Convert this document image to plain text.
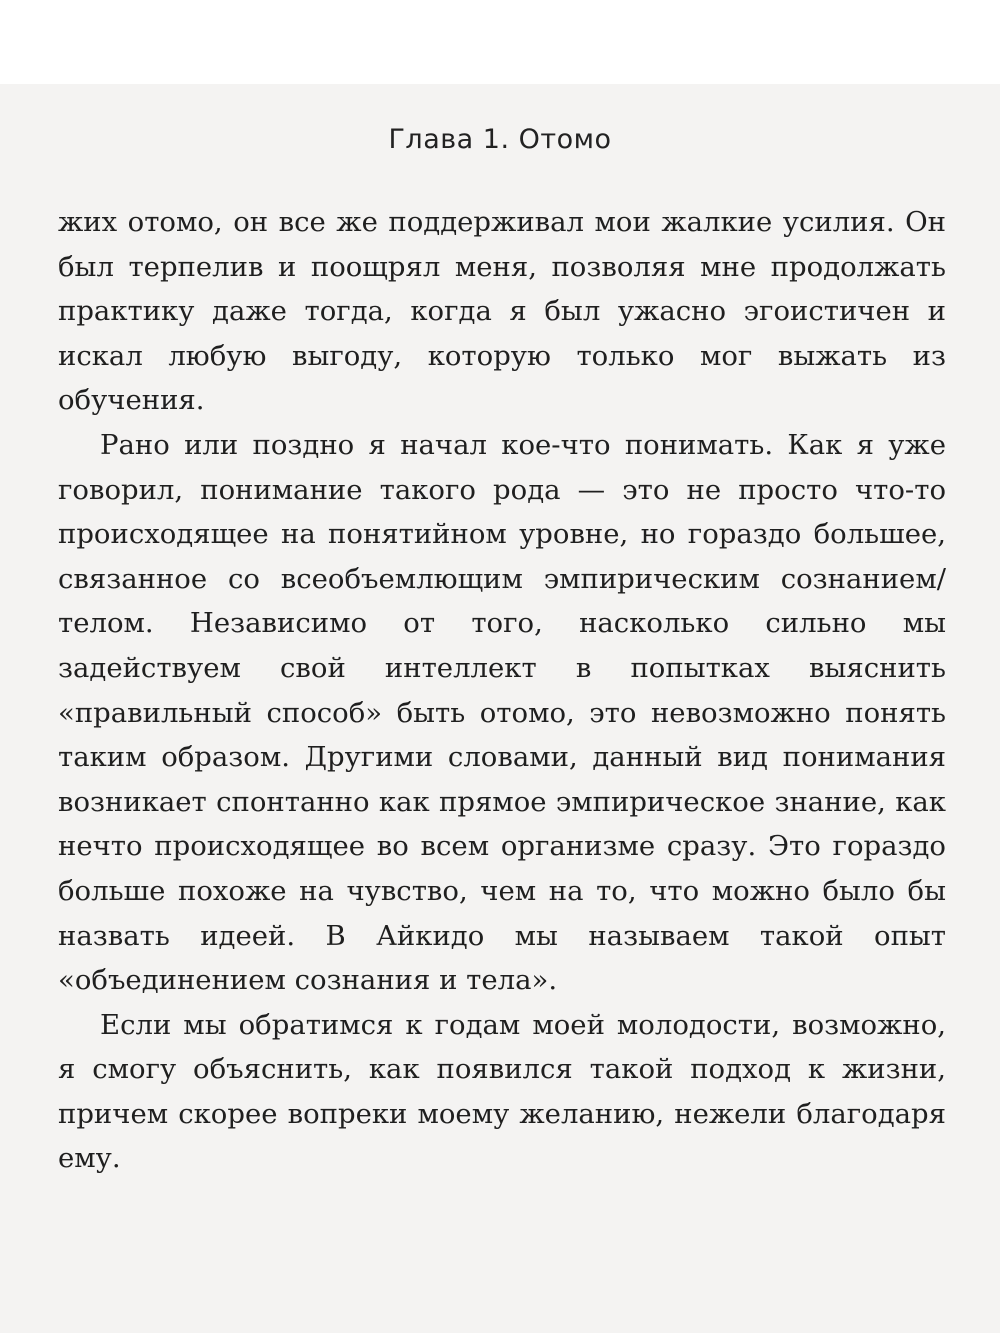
Глава 1. Отомо

жих отомо, он все же поддерживал мои жалкие усилия. Он был терпелив и поощрял меня, позволяя мне продолжать практику даже тогда, когда я был ужасно эгоистичен и искал любую выгоду, которую только мог выжать из обучения.

Рано или поздно я начал кое-что понимать. Как я уже говорил, понимание такого рода — это не просто что-то происходящее на понятийном уровне, но гораздо большее, связанное со всеобъемлющим эмпирическим сознанием/телом. Независимо от того, насколько сильно мы задействуем свой интеллект в попытках выяснить «правильный способ» быть отомо, это невозможно понять таким образом. Другими словами, данный вид понимания возникает спонтанно как прямое эмпирическое знание, как нечто происходящее во всем организме сразу. Это гораздо больше похоже на чувство, чем на то, что можно было бы назвать идеей. В Айкидо мы называем такой опыт «объединением сознания и тела».

Если мы обратимся к годам моей молодости, возможно, я смогу объяснить, как появился такой подход к жизни, причем скорее вопреки моему желанию, нежели благодаря ему.
